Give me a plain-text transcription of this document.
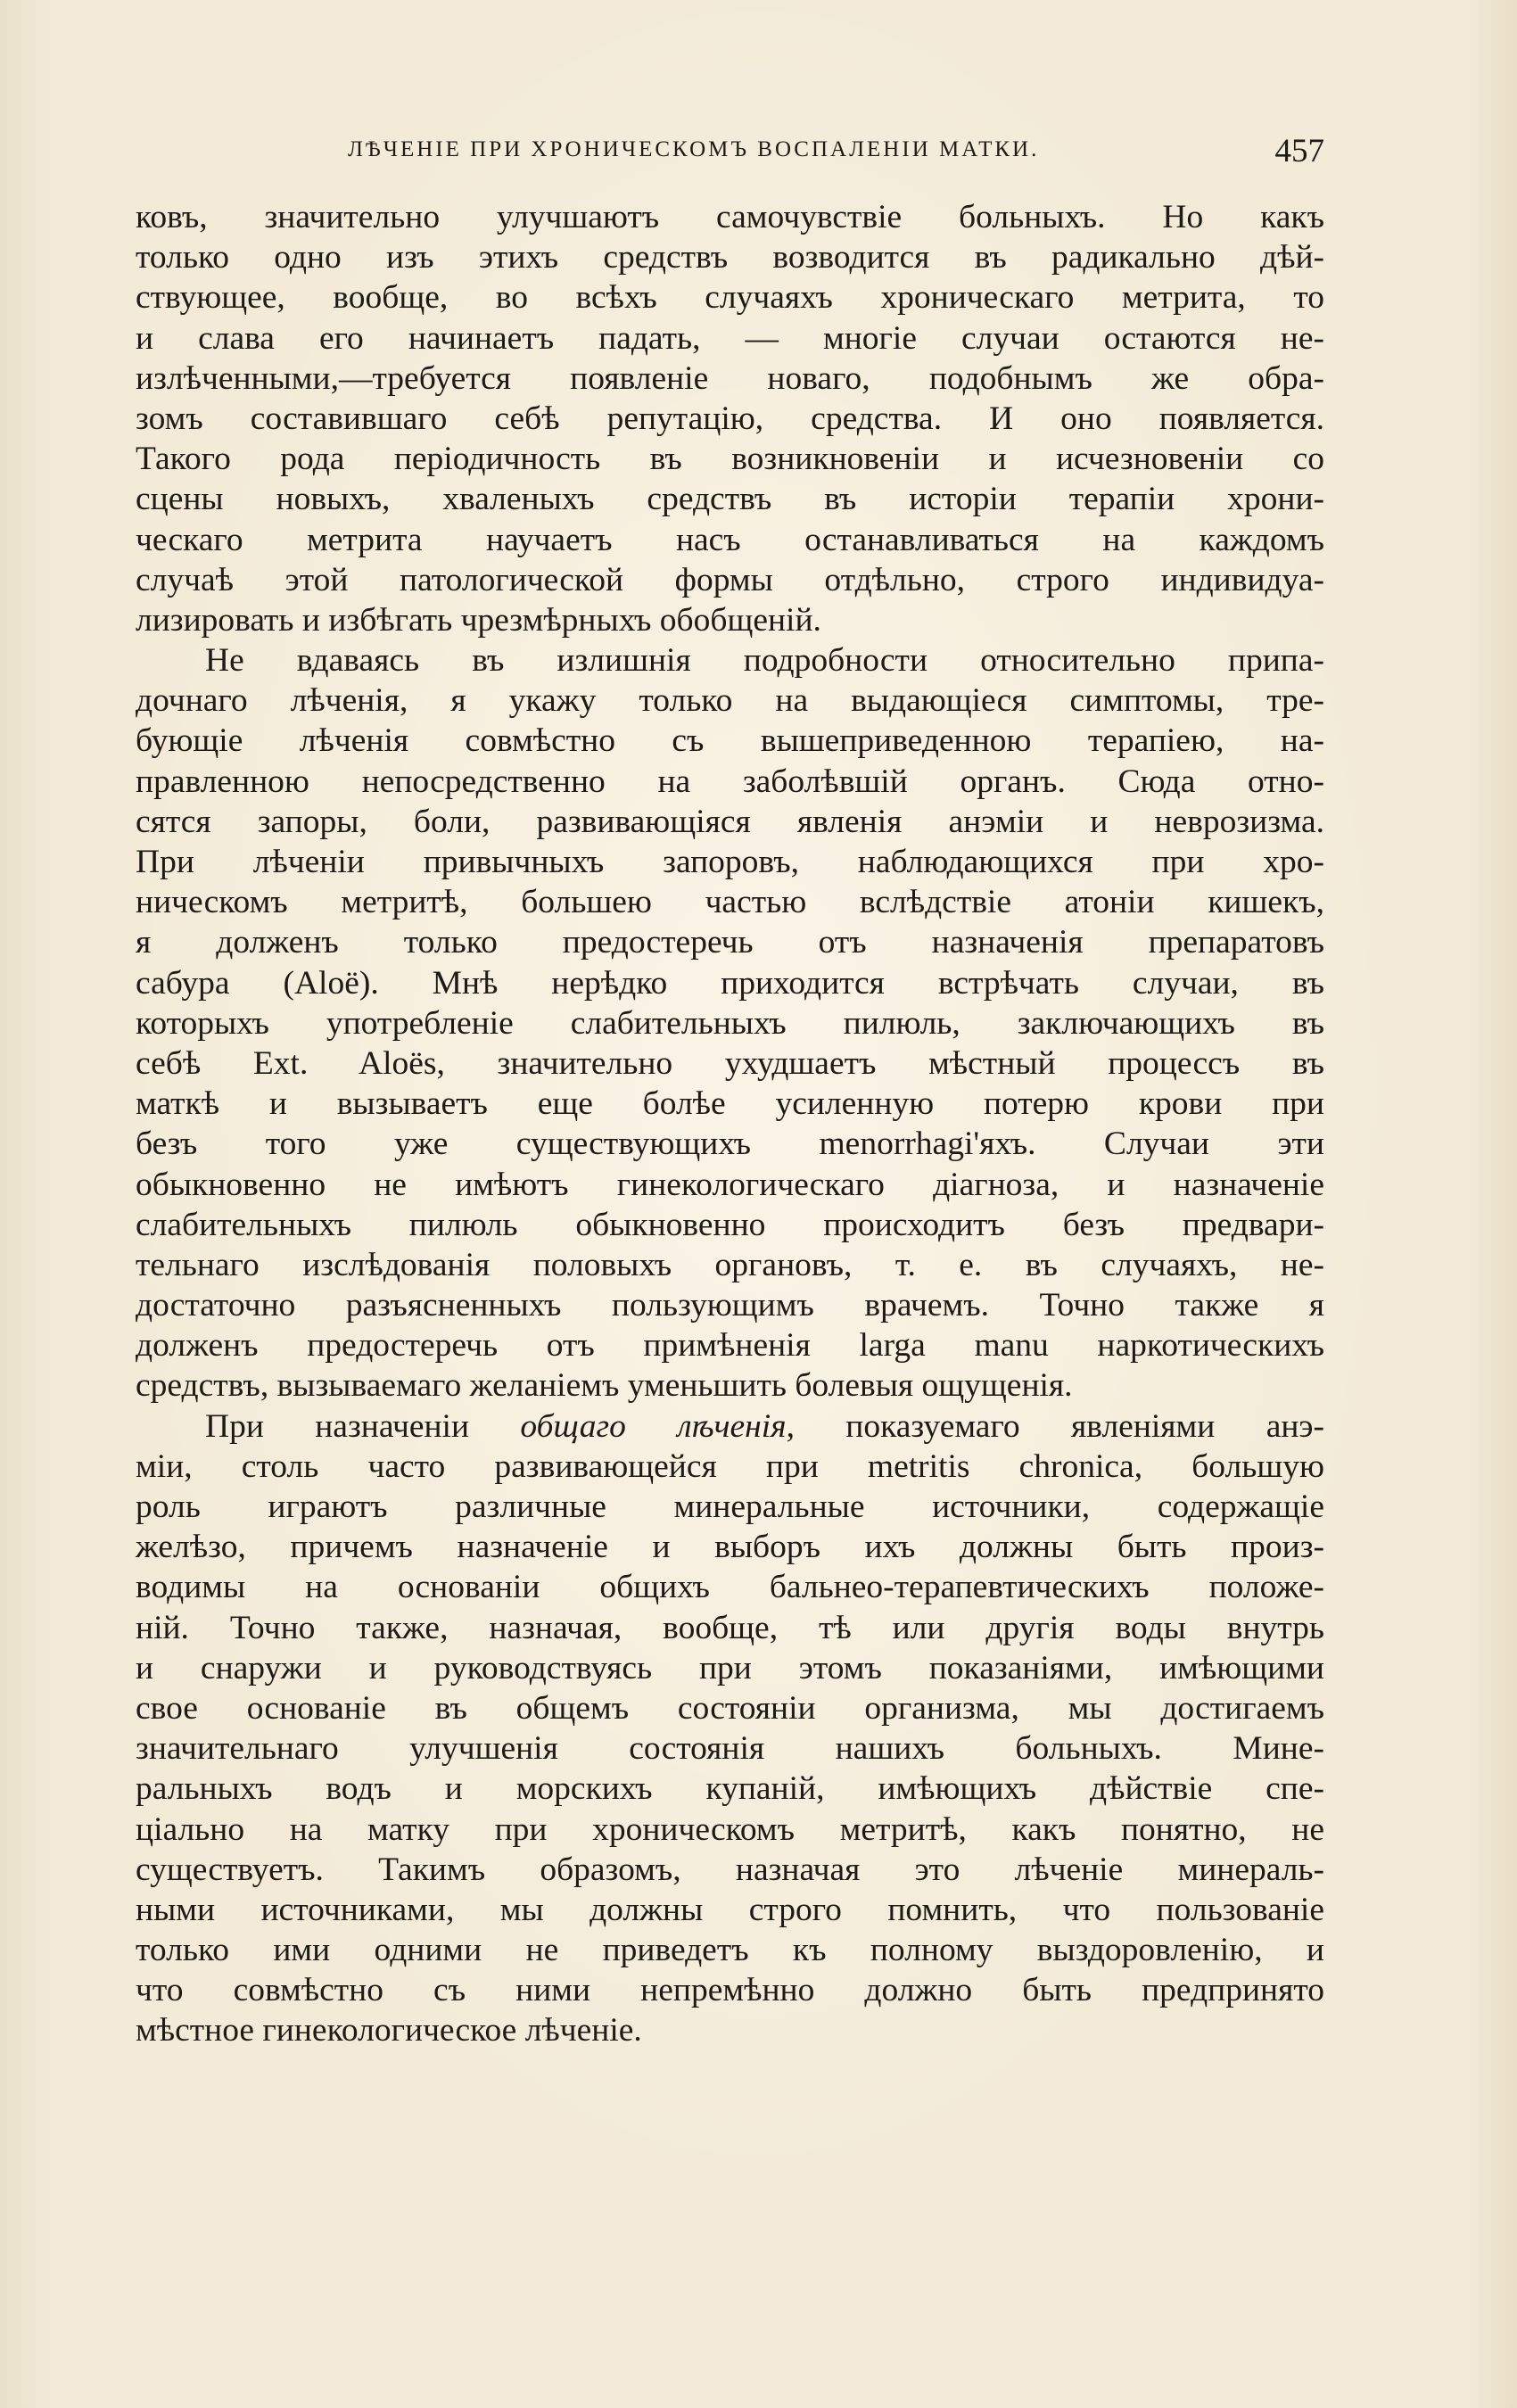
ЛѢЧЕНІЕ ПРИ ХРОНИЧЕСКОМЪ ВОСПАЛЕНІИ МАТКИ.	457
ковъ, значительно улучшаютъ самочувствіе больныхъ. Но какъ
только одно изъ этихъ средствъ возводится въ радикально дѣй-
ствующее, вообще, во всѣхъ случаяхъ хроническаго метрита, то
и слава его начинаетъ падать, — многіе случаи остаются не-
излѣченными,—требуется появленіе новаго, подобнымъ же обра-
зомъ составившаго себѣ репутацію, средства. И оно появляется.
Такого рода періодичность въ возникновеніи и исчезновеніи со
сцены новыхъ, хваленыхъ средствъ въ исторіи терапіи хрони-
ческаго метрита научаетъ насъ останавливаться на каждомъ
случаѣ этой патологической формы отдѣльно, строго индивидуа-
лизировать и избѣгать чрезмѣрныхъ обобщеній.
Не вдаваясь въ излишнія подробности относительно припа-
дочнаго лѣченія, я укажу только на выдающіеся симптомы, тре-
бующіе лѣченія совмѣстно съ вышеприведенною терапіею, на-
правленною непосредственно на заболѣвшій органъ. Сюда отно-
сятся запоры, боли, развивающіяся явленія анэміи и неврозизма.
При лѣченіи привычныхъ запоровъ, наблюдающихся при хро-
ническомъ метритѣ, большею частью вслѣдствіе атоніи кишекъ,
я долженъ только предостеречь отъ назначенія препаратовъ
сабура (Aloë). Мнѣ нерѣдко приходится встрѣчать случаи, въ
которыхъ употребленіе слабительныхъ пилюль, заключающихъ въ
себѣ Ext. Aloës, значительно ухудшаетъ мѣстный процессъ въ
маткѣ и вызываетъ еще болѣе усиленную потерю крови при
безъ того уже существующихъ menorrhagi'яхъ. Случаи эти
обыкновенно не имѣютъ гинекологическаго діагноза, и назначеніе
слабительныхъ пилюль обыкновенно происходитъ безъ предвари-
тельнаго изслѣдованія половыхъ органовъ, т. е. въ случаяхъ, не-
достаточно разъясненныхъ пользующимъ врачемъ. Точно также я
долженъ предостеречь отъ примѣненія larga manu наркотическихъ
средствъ, вызываемаго желаніемъ уменьшить болевыя ощущенія.
При назначеніи общаго лѣченія, показуемаго явленіями анэ-
міи, столь часто развивающейся при metritis chronica, большую
роль играютъ различные минеральные источники, содержащіе
желѣзо, причемъ назначеніе и выборъ ихъ должны быть произ-
водимы на основаніи общихъ бальнео-терапевтическихъ положе-
ній. Точно также, назначая, вообще, тѣ или другія воды внутрь
и снаружи и руководствуясь при этомъ показаніями, имѣющими
свое основаніе въ общемъ состояніи организма, мы достигаемъ
значительнаго улучшенія состоянія нашихъ больныхъ. Мине-
ральныхъ водъ и морскихъ купаній, имѣющихъ дѣйствіе спе-
ціально на матку при хроническомъ метритѣ, какъ понятно, не
существуетъ. Такимъ образомъ, назначая это лѣченіе минераль-
ными источниками, мы должны строго помнить, что пользованіе
только ими одними не приведетъ къ полному выздоровленію, и
что совмѣстно съ ними непремѣнно должно быть предпринято
мѣстное гинекологическое лѣченіе.
